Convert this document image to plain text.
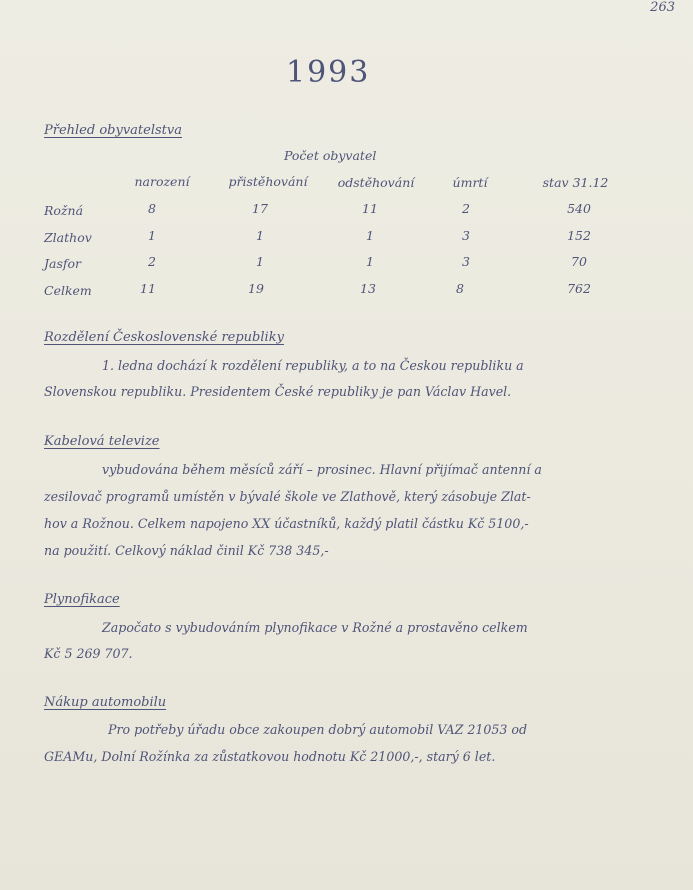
263
1993
Přehled obyvatelstva
Počet obyvatel
narození	přistěhování	odstěhování	úmrtí	stav 31.12
Rožná	8	17	11	2	540
Zlathov	1	1	1	3	152
Jasfor	2	1	1	3	70
Celkem	11	19	13	8	762
Rozdělení Československé republiky
1. ledna dochází k rozdělení republiky, a to na Českou republiku a
Slovenskou republiku. Presidentem České republiky je pan Václav Havel.
Kabelová televize
vybudována během měsíců září – prosinec. Hlavní přijímač antenní a
zesilovač programů umístěn v bývalé škole ve Zlathově, který zásobuje Zlat-
hov a Rožnou. Celkem napojeno XX účastníků, každý platil částku Kč 5100,-
na použití. Celkový náklad činil Kč 738 345,-
Plynofikace
Započato s vybudováním plynofikace v Rožné a prostavěno celkem
Kč 5 269 707.
Nákup automobilu
Pro potřeby úřadu obce zakoupen dobrý automobil VAZ 21053 od
GEAMu, Dolní Rožínka za zůstatkovou hodnotu Kč 21000,-, starý 6 let.
